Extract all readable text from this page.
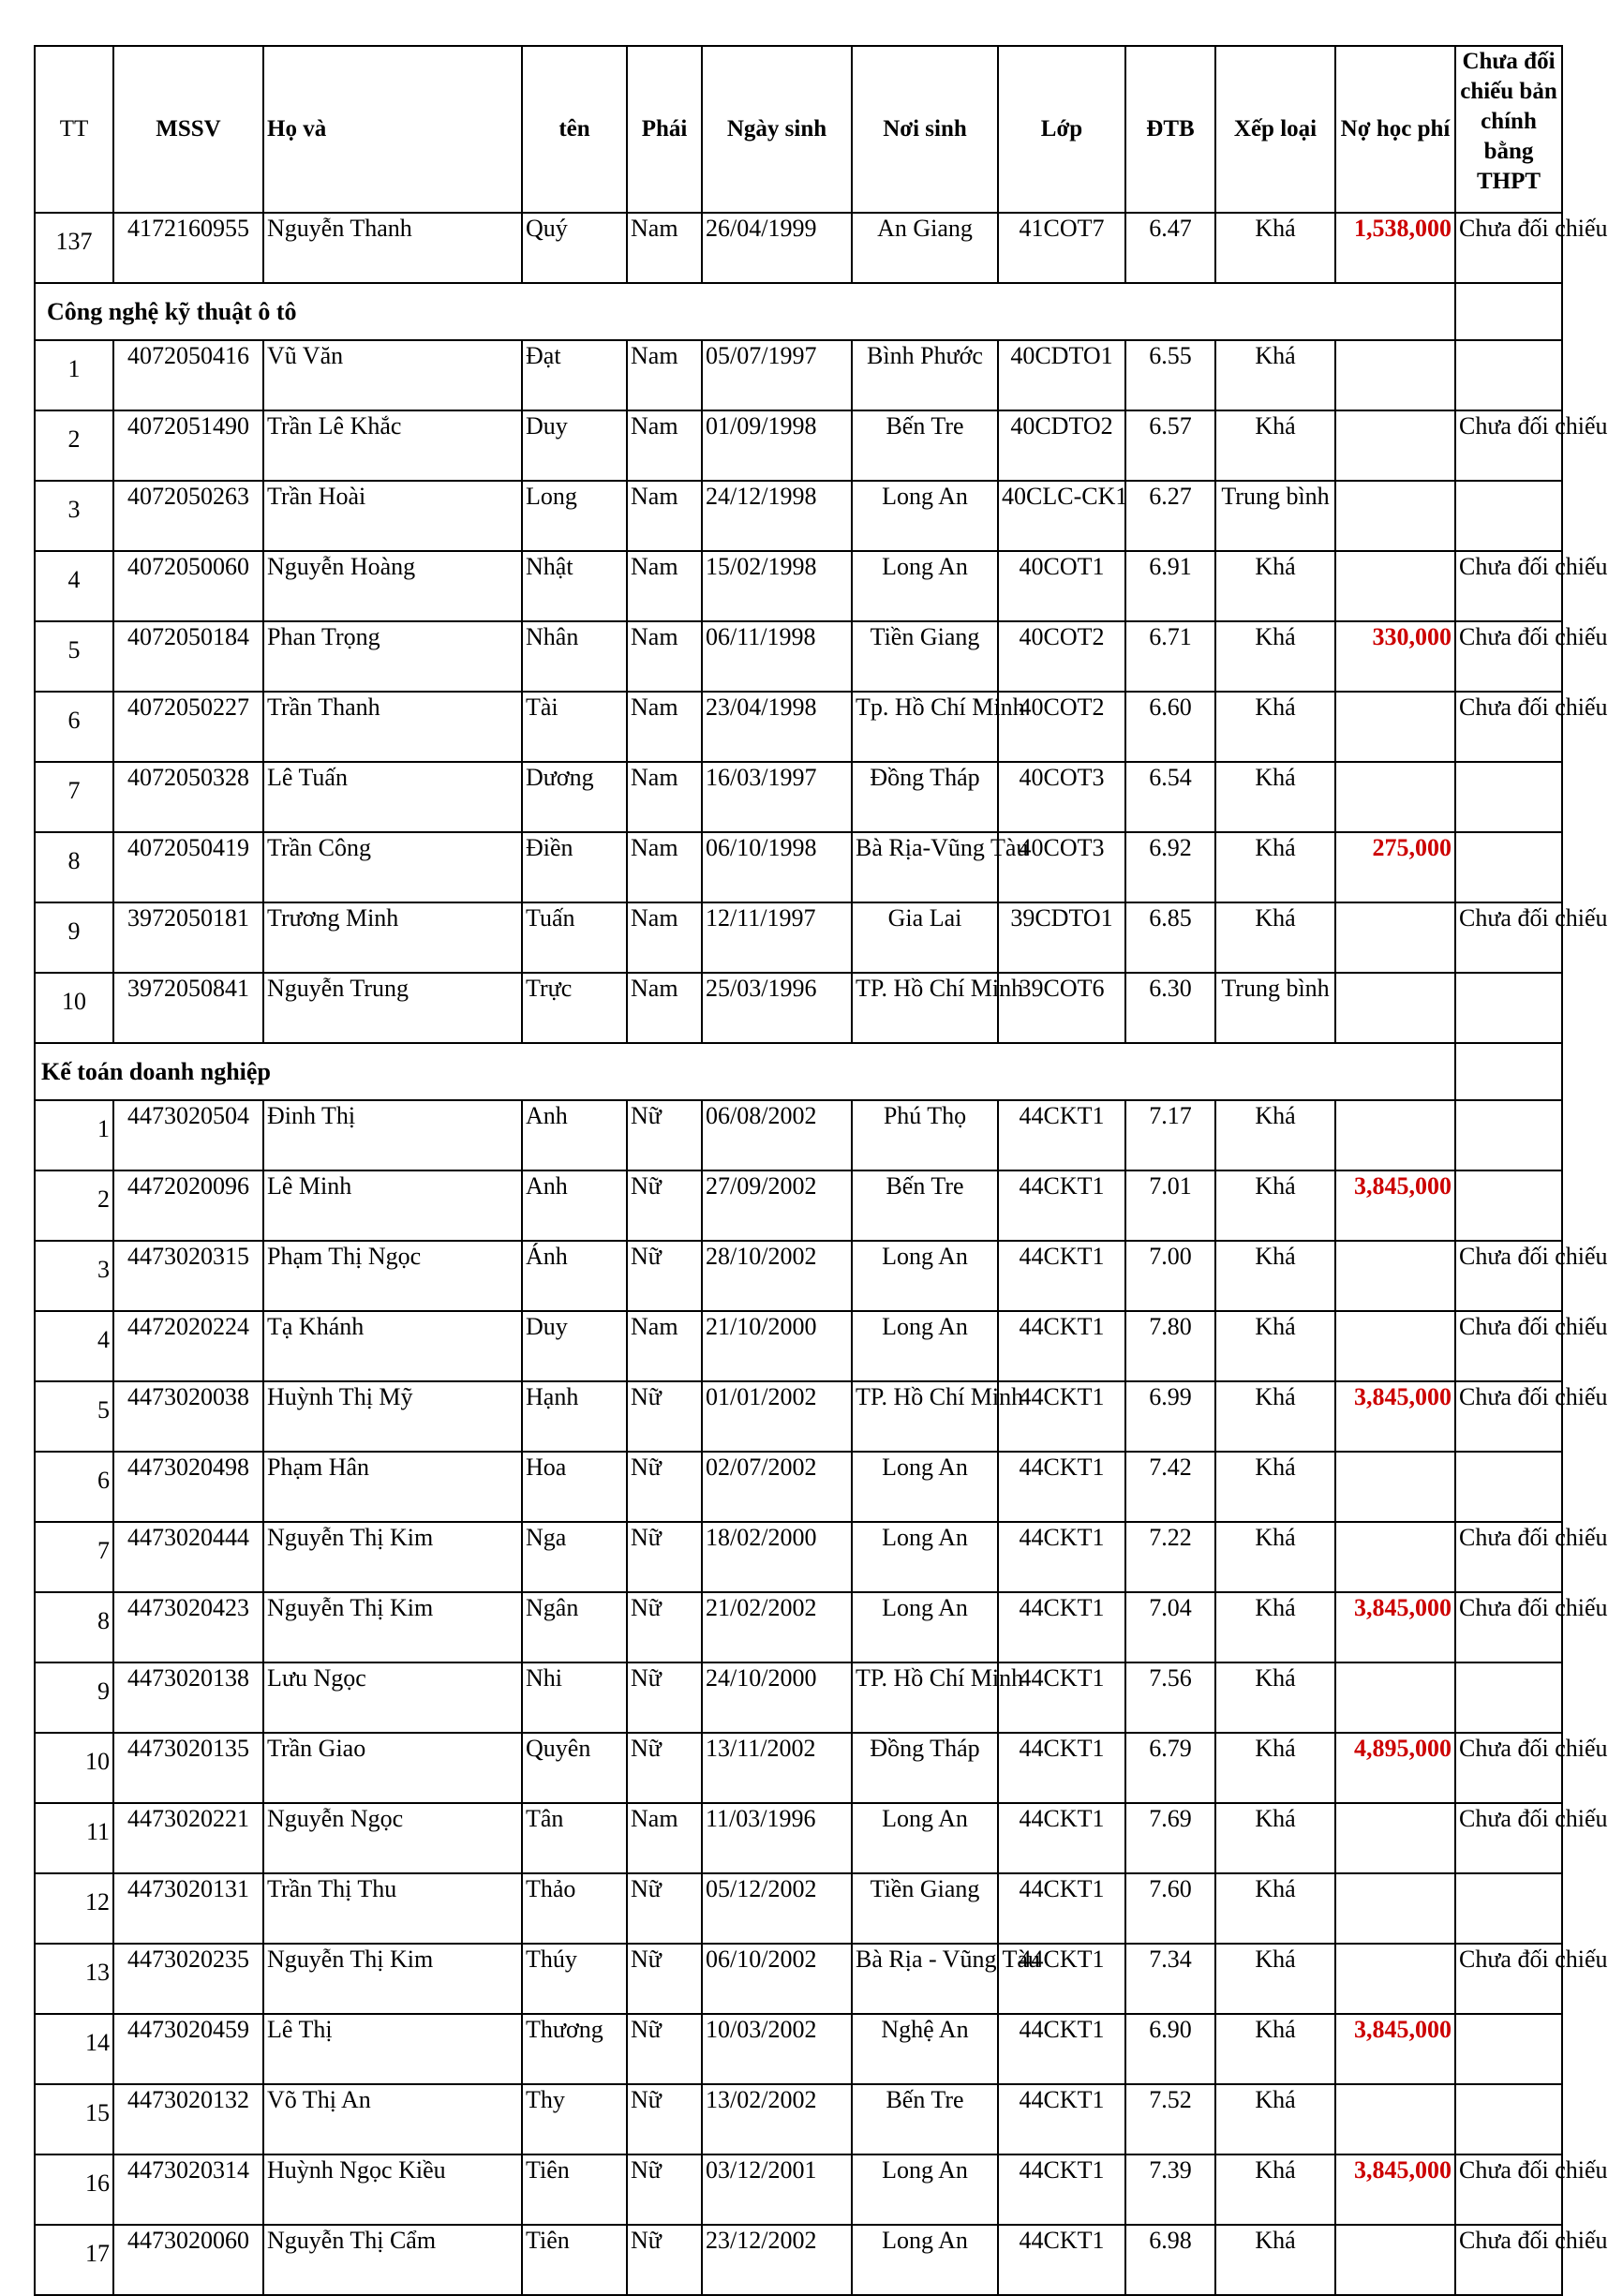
TT	MSSV	Họ và	tên	Phái	Ngày sinh	Nơi sinh	Lớp	ĐTB	Xếp loại	Nợ học phí	Chưa đối chiếu bản chính bằng THPT

137	4172160955	Nguyễn Thanh	Quý	Nam	26/04/1999	An Giang	41COT7	6.47	Khá	1,538,000	Chưa đối chiếu
Công nghệ kỹ thuật ô tô											
1	4072050416	Vũ Văn	Đạt	Nam	05/07/1997	Bình Phước	40CDTO1	6.55	Khá		
2	4072051490	Trần Lê Khắc	Duy	Nam	01/09/1998	Bến Tre	40CDTO2	6.57	Khá		Chưa đối chiếu
3	4072050263	Trần Hoài	Long	Nam	24/12/1998	Long An	40CLC-CK1	6.27	Trung bình		
4	4072050060	Nguyễn Hoàng	Nhật	Nam	15/02/1998	Long An	40COT1	6.91	Khá		Chưa đối chiếu
5	4072050184	Phan Trọng	Nhân	Nam	06/11/1998	Tiền Giang	40COT2	6.71	Khá	330,000	Chưa đối chiếu
6	4072050227	Trần Thanh	Tài	Nam	23/04/1998	Tp. Hồ Chí Minh	40COT2	6.60	Khá		Chưa đối chiếu
7	4072050328	Lê Tuấn	Dương	Nam	16/03/1997	Đồng Tháp	40COT3	6.54	Khá		
8	4072050419	Trần Công	Điền	Nam	06/10/1998	Bà Rịa-Vũng Tàu	40COT3	6.92	Khá	275,000	
9	3972050181	Trương Minh	Tuấn	Nam	12/11/1997	Gia Lai	39CDTO1	6.85	Khá		Chưa đối chiếu
10	3972050841	Nguyễn Trung	Trực	Nam	25/03/1996	TP. Hồ Chí Minh	39COT6	6.30	Trung bình		
Kế toán doanh nghiệp											
1	4473020504	Đinh Thị	Anh	Nữ	06/08/2002	Phú Thọ	44CKT1	7.17	Khá		
2	4472020096	Lê Minh	Anh	Nữ	27/09/2002	Bến Tre	44CKT1	7.01	Khá	3,845,000	
3	4473020315	Phạm Thị Ngọc	Ánh	Nữ	28/10/2002	Long An	44CKT1	7.00	Khá		Chưa đối chiếu
4	4472020224	Tạ Khánh	Duy	Nam	21/10/2000	Long An	44CKT1	7.80	Khá		Chưa đối chiếu
5	4473020038	Huỳnh Thị Mỹ	Hạnh	Nữ	01/01/2002	TP. Hồ Chí Minh	44CKT1	6.99	Khá	3,845,000	Chưa đối chiếu
6	4473020498	Phạm Hân	Hoa	Nữ	02/07/2002	Long An	44CKT1	7.42	Khá		
7	4473020444	Nguyễn Thị Kim	Nga	Nữ	18/02/2000	Long An	44CKT1	7.22	Khá		Chưa đối chiếu
8	4473020423	Nguyễn Thị Kim	Ngân	Nữ	21/02/2002	Long An	44CKT1	7.04	Khá	3,845,000	Chưa đối chiếu
9	4473020138	Lưu Ngọc	Nhi	Nữ	24/10/2000	TP. Hồ Chí Minh	44CKT1	7.56	Khá		
10	4473020135	Trần Giao	Quyên	Nữ	13/11/2002	Đồng Tháp	44CKT1	6.79	Khá	4,895,000	Chưa đối chiếu
11	4473020221	Nguyễn Ngọc	Tân	Nam	11/03/1996	Long An	44CKT1	7.69	Khá		Chưa đối chiếu
12	4473020131	Trần Thị Thu	Thảo	Nữ	05/12/2002	Tiền Giang	44CKT1	7.60	Khá		
13	4473020235	Nguyễn Thị Kim	Thúy	Nữ	06/10/2002	Bà Rịa - Vũng Tàu	44CKT1	7.34	Khá		Chưa đối chiếu
14	4473020459	Lê Thị	Thương	Nữ	10/03/2002	Nghệ An	44CKT1	6.90	Khá	3,845,000	
15	4473020132	Võ Thị An	Thy	Nữ	13/02/2002	Bến Tre	44CKT1	7.52	Khá		
16	4473020314	Huỳnh Ngọc Kiều	Tiên	Nữ	03/12/2001	Long An	44CKT1	7.39	Khá	3,845,000	Chưa đối chiếu
17	4473020060	Nguyễn Thị Cẩm	Tiên	Nữ	23/12/2002	Long An	44CKT1	6.98	Khá		Chưa đối chiếu
